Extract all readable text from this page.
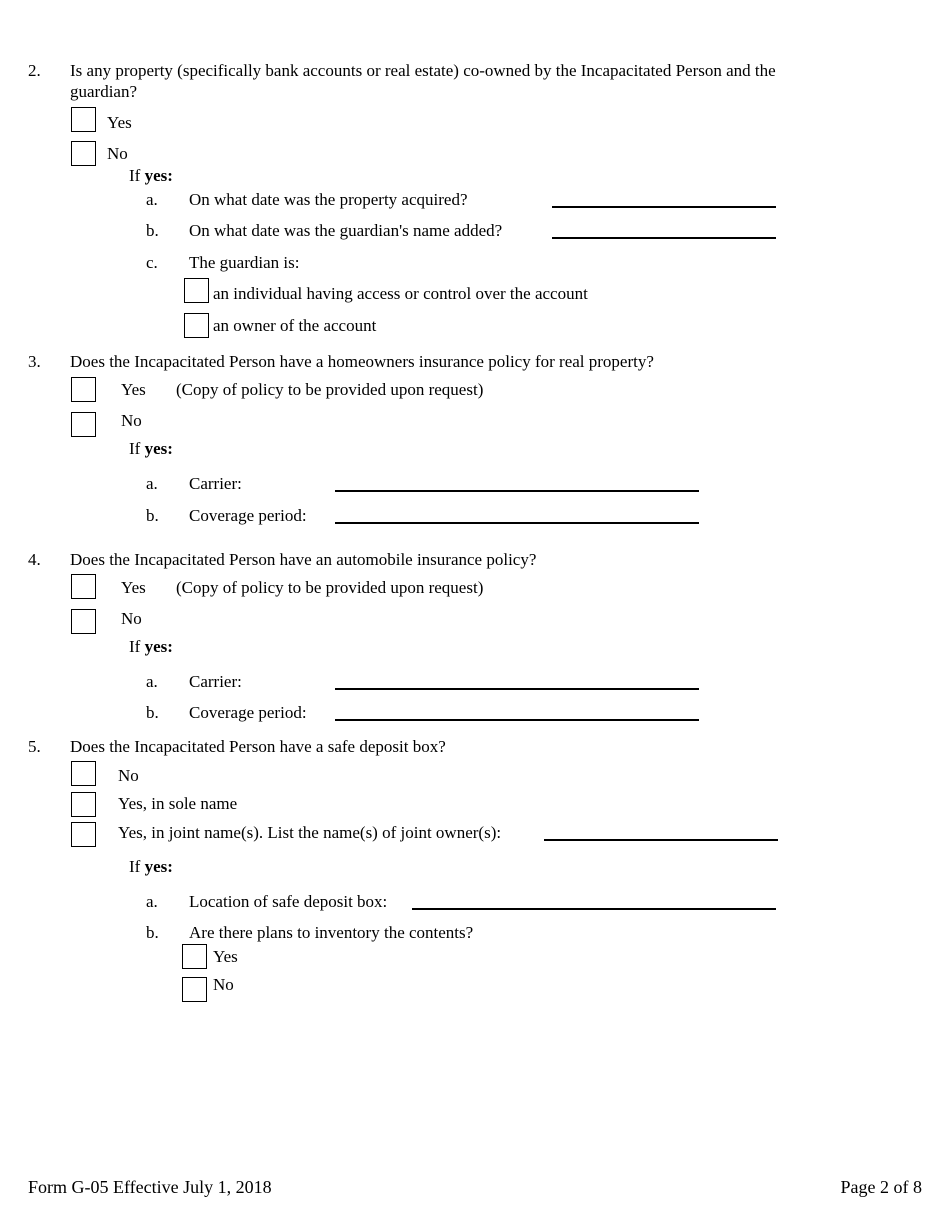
2. Is any property (specifically bank accounts or real estate) co-owned by the Incapacitated Person and the
guardian?
Yes
No
If yes:
a. On what date was the property acquired?
b. On what date was the guardian's name added?
c. The guardian is:
an individual having access or control over the account
an owner of the account
3. Does the Incapacitated Person have a homeowners insurance policy for real property?
Yes (Copy of policy to be provided upon request)
No
If yes:
a. Carrier:
b. Coverage period:
4. Does the Incapacitated Person have an automobile insurance policy?
Yes (Copy of policy to be provided upon request)
No
If yes:
a. Carrier:
b. Coverage period:
5. Does the Incapacitated Person have a safe deposit box?
No
Yes, in sole name
Yes, in joint name(s). List the name(s) of joint owner(s):
If yes:
a. Location of safe deposit box:
b. Are there plans to inventory the contents?
Yes
No
Form G-05 Effective July 1, 2018	Page 2 of 8
